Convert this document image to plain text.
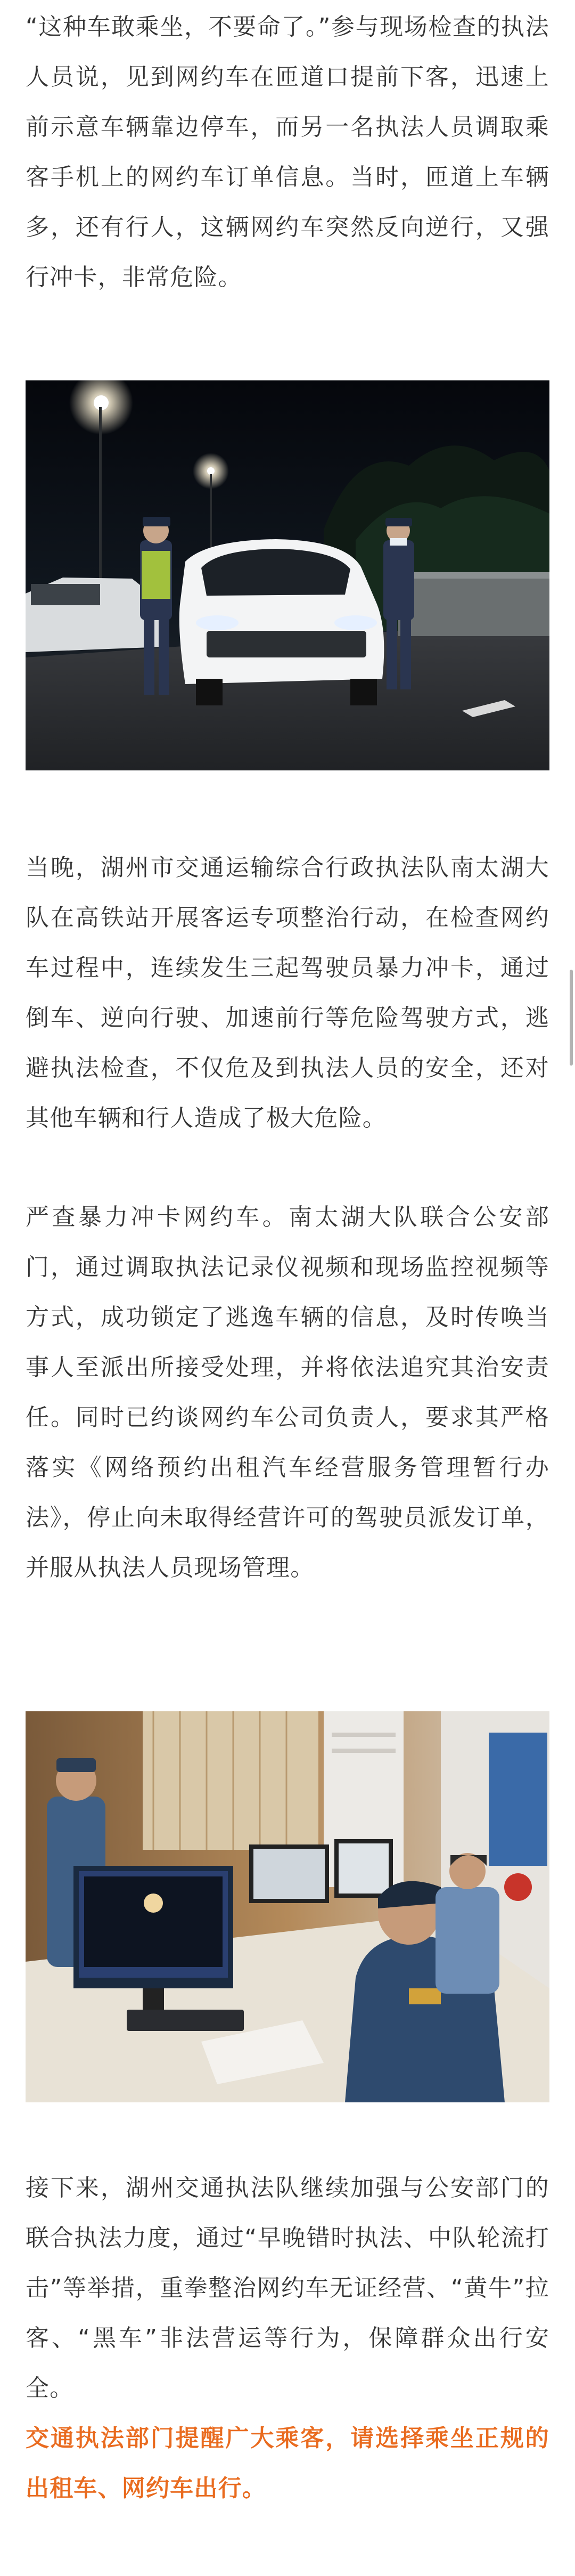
“这种车敢乘坐，不要命了。”参与现场检查的执法人员说，见到网约车在匝道口提前下客，迅速上前示意车辆靠边停车，而另一名执法人员调取乘客手机上的网约车订单信息。当时，匝道上车辆多，还有行人，这辆网约车突然反向逆行，又强行冲卡，非常危险。

当晚，湖州市交通运输综合行政执法队南太湖大队在高铁站开展客运专项整治行动，在检查网约车过程中，连续发生三起驾驶员暴力冲卡，通过倒车、逆向行驶、加速前行等危险驾驶方式，逃避执法检查，不仅危及到执法人员的安全，还对其他车辆和行人造成了极大危险。

严查暴力冲卡网约车。南太湖大队联合公安部门，通过调取执法记录仪视频和现场监控视频等方式，成功锁定了逃逸车辆的信息，及时传唤当事人至派出所接受处理，并将依法追究其治安责任。同时已约谈网约车公司负责人，要求其严格落实《网络预约出租汽车经营服务管理暂行办法》，停止向未取得经营许可的驾驶员派发订单，并服从执法人员现场管理。

接下来，湖州交通执法队继续加强与公安部门的联合执法力度，通过“早晚错时执法、中队轮流打击”等举措，重拳整治网约车无证经营、“黄牛”拉客、“黑车”非法营运等行为，保障群众出行安全。

交通执法部门提醒广大乘客，请选择乘坐正规的出租车、网约车出行。
